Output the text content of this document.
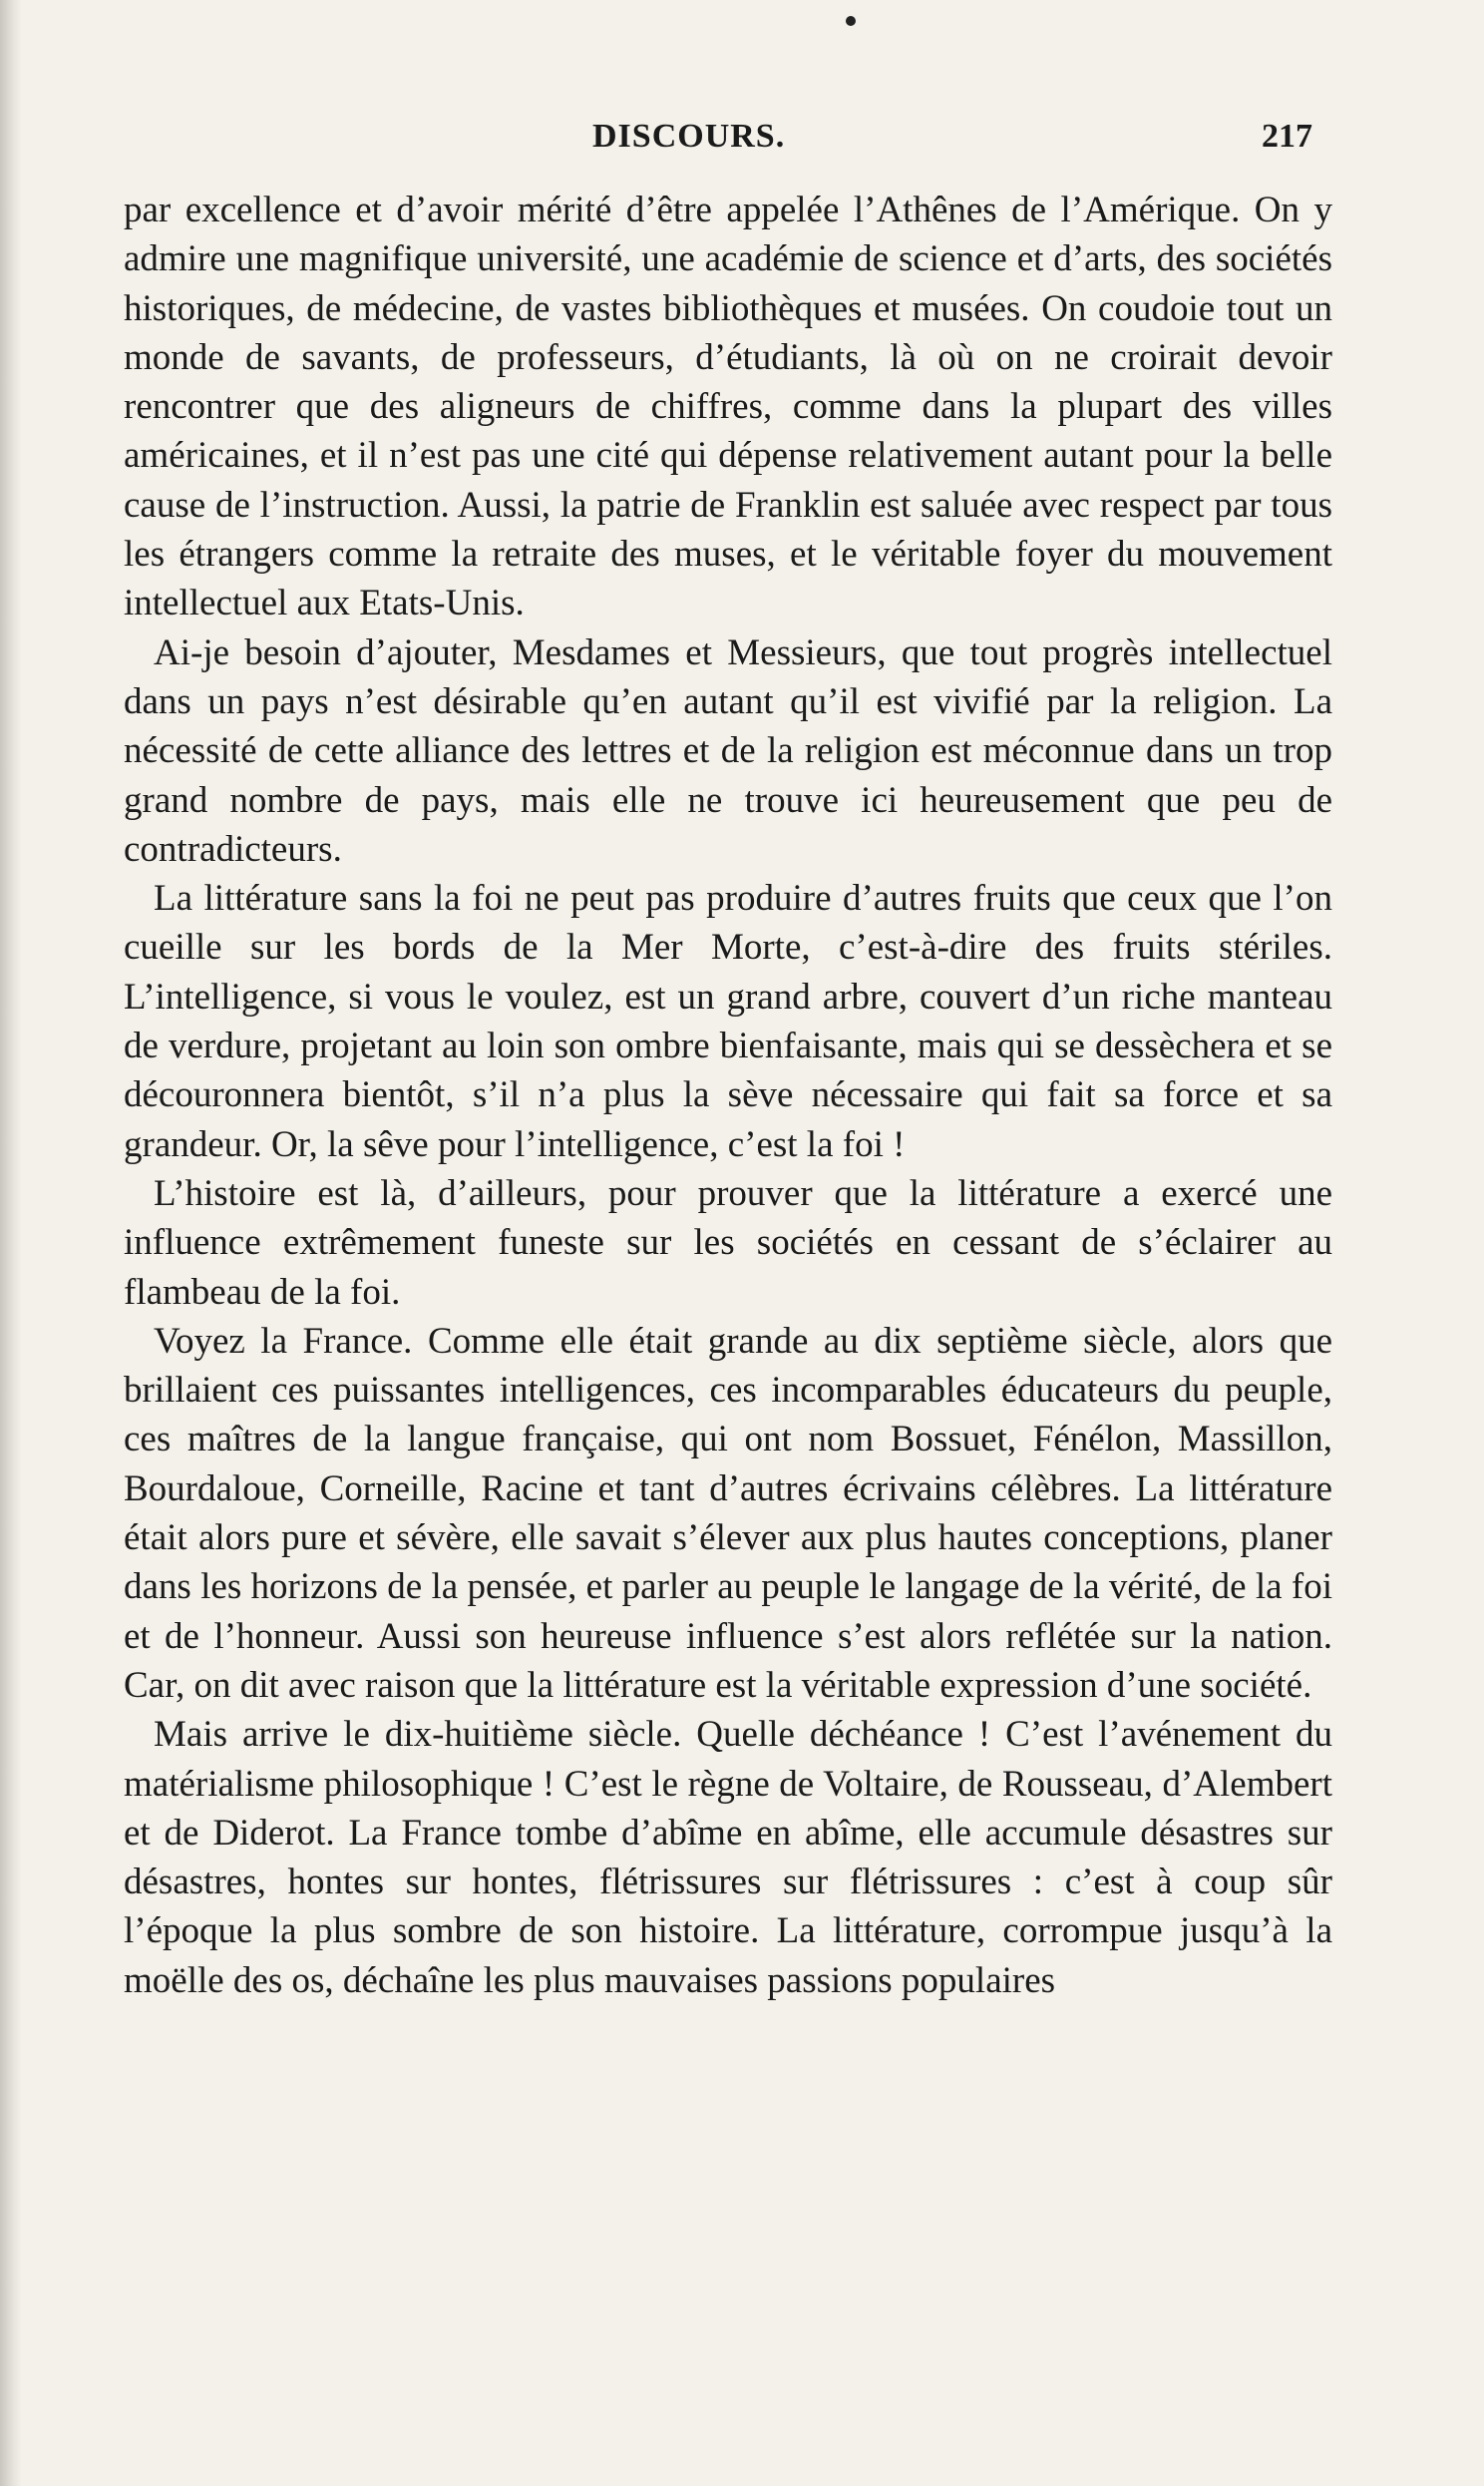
DISCOURS.	217

par excellence et d’avoir mérité d’être appelée l’Athênes de l’Amérique. On y admire une magnifique université, une académie de science et d’arts, des sociétés historiques, de médecine, de vastes bibliothèques et musées. On coudoie tout un monde de savants, de professeurs, d’étudiants, là où on ne croirait devoir rencontrer que des aligneurs de chiffres, comme dans la plupart des villes américaines, et il n’est pas une cité qui dépense relativement autant pour la belle cause de l’instruction. Aussi, la patrie de Franklin est saluée avec respect par tous les étrangers comme la retraite des muses, et le véritable foyer du mouvement intellectuel aux Etats-Unis.

Ai-je besoin d’ajouter, Mesdames et Messieurs, que tout progrès intellectuel dans un pays n’est désirable qu’en autant qu’il est vivifié par la religion. La nécessité de cette alliance des lettres et de la religion est méconnue dans un trop grand nombre de pays, mais elle ne trouve ici heureusement que peu de contradicteurs.

La littérature sans la foi ne peut pas produire d’autres fruits que ceux que l’on cueille sur les bords de la Mer Morte, c’est-à-dire des fruits stériles. L’intelligence, si vous le voulez, est un grand arbre, couvert d’un riche manteau de verdure, projetant au loin son ombre bienfaisante, mais qui se dessèchera et se découronnera bientôt, s’il n’a plus la sève nécessaire qui fait sa force et sa grandeur. Or, la sêve pour l’intelligence, c’est la foi !

L’histoire est là, d’ailleurs, pour prouver que la littérature a exercé une influence extrêmement funeste sur les sociétés en cessant de s’éclairer au flambeau de la foi.

Voyez la France. Comme elle était grande au dix septième siècle, alors que brillaient ces puissantes intelligences, ces incomparables éducateurs du peuple, ces maîtres de la langue française, qui ont nom Bossuet, Fénélon, Massillon, Bourdaloue, Corneille, Racine et tant d’autres écrivains célèbres. La littérature était alors pure et sévère, elle savait s’élever aux plus hautes conceptions, planer dans les horizons de la pensée, et parler au peuple le langage de la vérité, de la foi et de l’honneur. Aussi son heureuse influence s’est alors reflétée sur la nation. Car, on dit avec raison que la littérature est la véritable expression d’une société.

Mais arrive le dix-huitième siècle. Quelle déchéance ! C’est l’avénement du matérialisme philosophique ! C’est le règne de Voltaire, de Rousseau, d’Alembert et de Diderot. La France tombe d’abîme en abîme, elle accumule désastres sur désastres, hontes sur hontes, flétrissures sur flétrissures : c’est à coup sûr l’époque la plus sombre de son histoire. La littérature, corrompue jusqu’à la moëlle des os, déchaîne les plus mauvaises passions populaires
